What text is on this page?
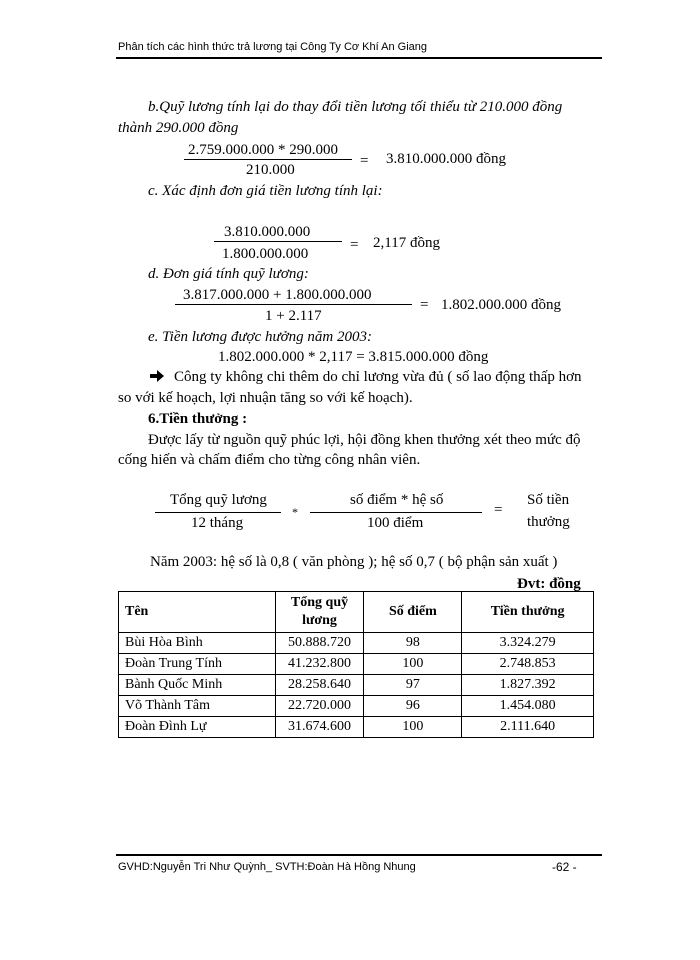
Phân tích các hình thức trả lương tại Công Ty Cơ Khí An Giang
b.Quỹ lương tính lại do thay đổi tiền lương tối thiểu từ 210.000 đồng
thành 290.000 đồng
2.759.000.000 * 290.000
210.000
= 3.810.000.000 đồng
c. Xác định đơn giá tiền lương tính lại:
3.810.000.000
1.800.000.000
= 2,117 đồng
d. Đơn giá tính quỹ lương:
3.817.000.000 + 1.800.000.000
1 + 2.117
= 1.802.000.000 đồng
e. Tiền lương được hưởng năm 2003:
1.802.000.000 * 2,117 = 3.815.000.000 đồng
Công ty không chi thêm do chỉ lương vừa đủ ( số lao động thấp hơn
so với kế hoạch, lợi nhuận tăng so với kế hoạch).
6.Tiền thưởng :
Được lấy từ nguồn quỹ phúc lợi, hội đồng khen thưởng xét theo mức độ
cống hiến và chấm điểm cho từng công nhân viên.
Tổng quỹ lương
12 tháng
*
số điểm * hệ số
100 điểm
=
Số tiền
thưởng
Năm 2003: hệ số là 0,8 ( văn phòng ); hệ số 0,7 ( bộ phận sản xuất )
Đvt: đồng
Tên	Tổng quỹ lương	Số điểm	Tiền thưởng
Bùi Hòa Bình	50.888.720	98	3.324.279
Đoàn Trung Tính	41.232.800	100	2.748.853
Bành Quốc Minh	28.258.640	97	1.827.392
Võ Thành Tâm	22.720.000	96	1.454.080
Đoàn Đình Lự	31.674.600	100	2.111.640
GVHD:Nguyễn Tri Như Quỳnh_ SVTH:Đoàn Hà Hồng Nhung	-62 -
